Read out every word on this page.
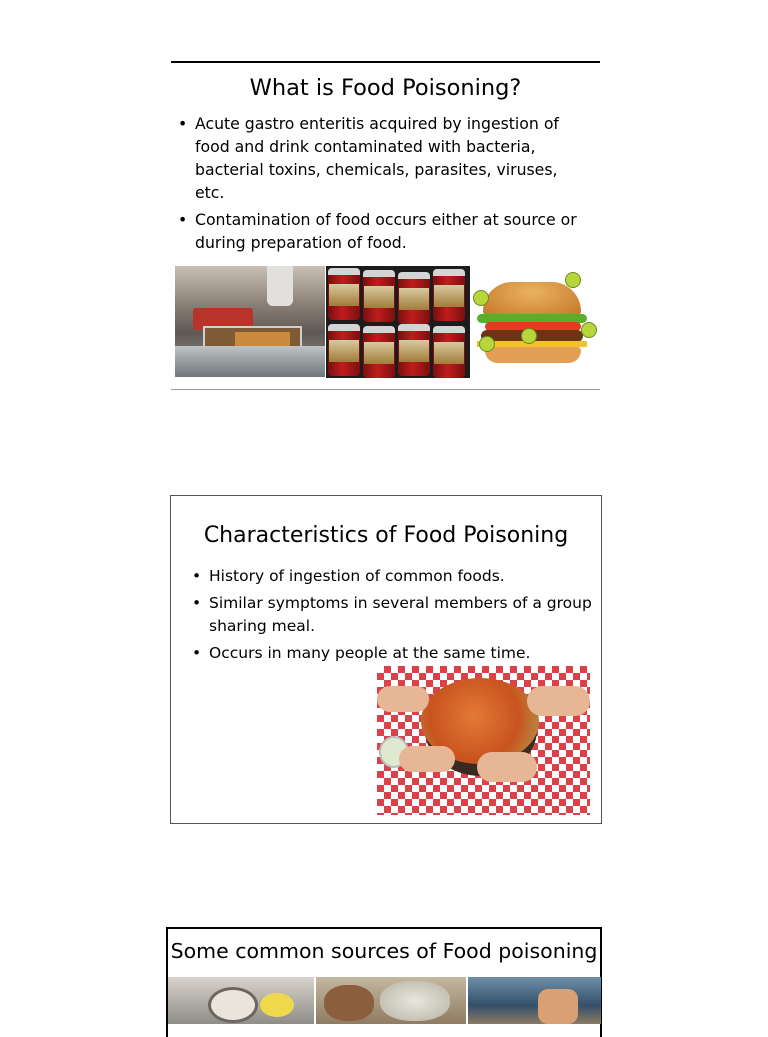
What is Food Poisoning?
• Acute gastro enteritis acquired by ingestion of food and drink contaminated with bacteria, bacterial toxins, chemicals, parasites, viruses, etc.
• Contamination of food occurs either at source or during preparation of food.
Characteristics of Food Poisoning
• History of ingestion of common foods.
• Similar symptoms in several members of a group sharing meal.
• Occurs in many people at the same time.
Some common sources of Food poisoning
